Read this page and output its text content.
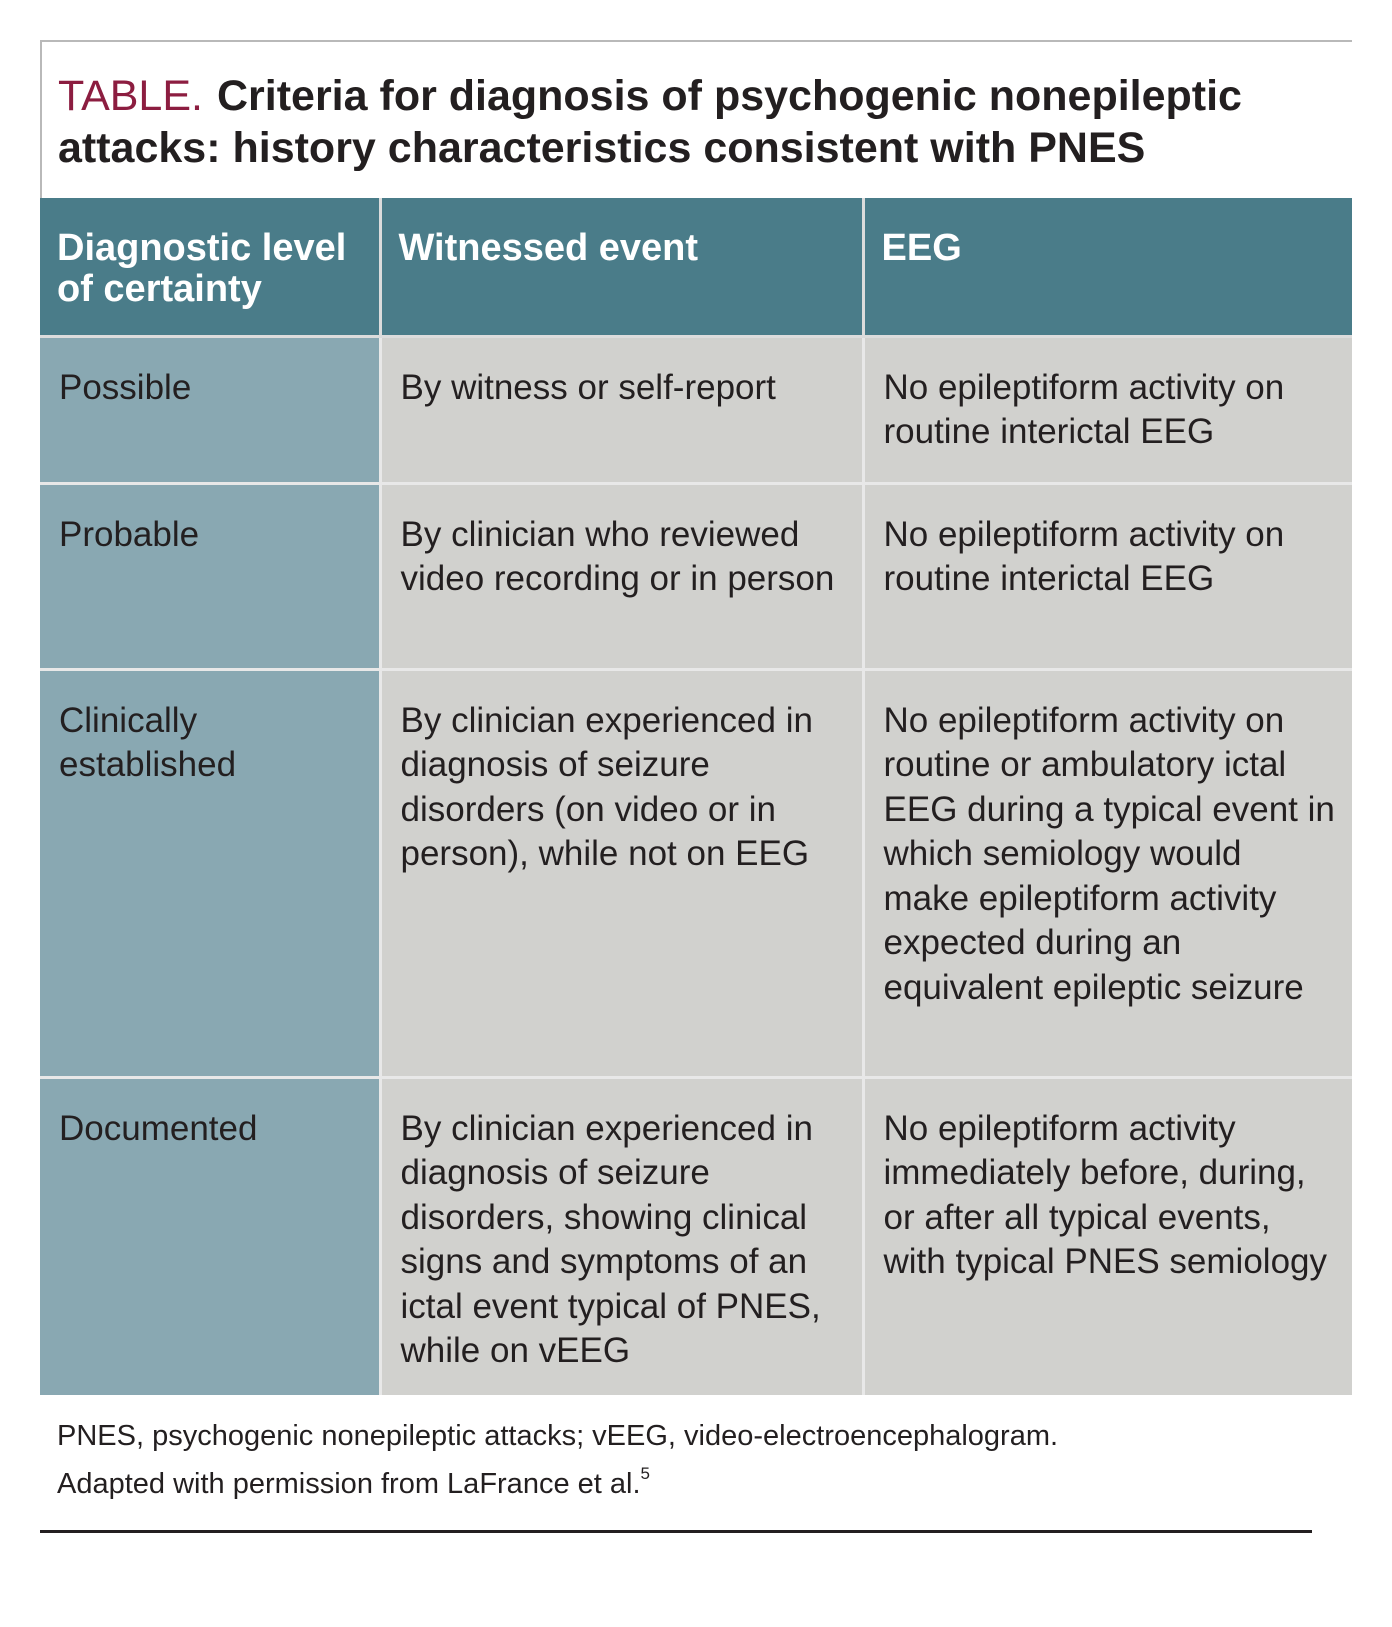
TABLE. Criteria for diagnosis of psychogenic nonepileptic attacks: history characteristics consistent with PNES
Diagnostic level of certainty	Witnessed event	EEG
Possible	By witness or self-report	No epileptiform activity on routine interictal EEG
Probable	By clinician who reviewed video recording or in person	No epileptiform activity on routine interictal EEG
Clinically established	By clinician experienced in diagnosis of seizure disorders (on video or in person), while not on EEG	No epileptiform activity on routine or ambulatory ictal EEG during a typical event in which semiology would make epileptiform activity expected during an equivalent epileptic seizure
Documented	By clinician experienced in diagnosis of seizure disorders, showing clinical signs and symptoms of an ictal event typical of PNES, while on vEEG	No epileptiform activity immediately before, during, or after all typical events, with typical PNES semiology
PNES, psychogenic nonepileptic attacks; vEEG, video-electroencephalogram.
Adapted with permission from LaFrance et al.$^5$
